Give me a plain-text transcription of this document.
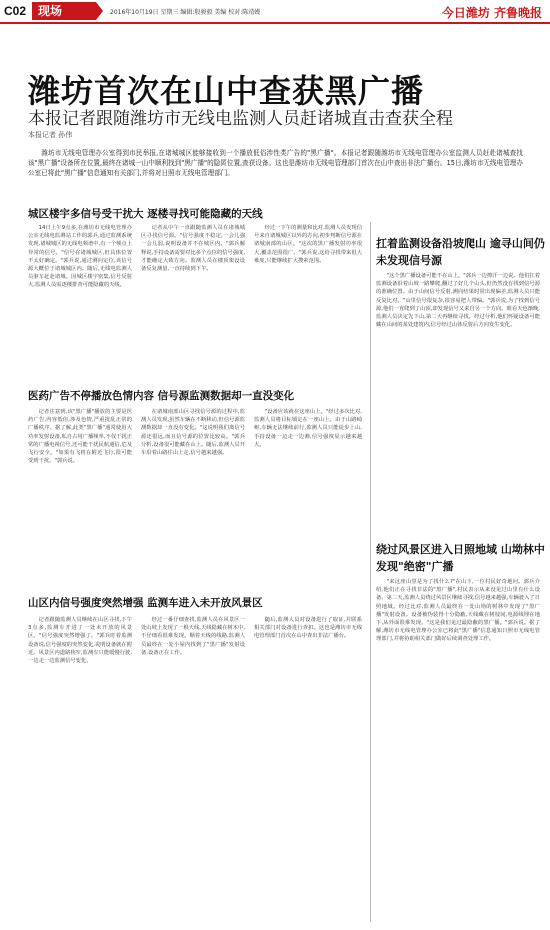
C02 现场	2016年10月19日 星期三 编辑:殷骏毅 美编 校对:陈靖嫚	今日潍坊 齐鲁晚报
潍坊首次在山中查获黑广播
本报记者跟随潍坊市无线电监测人员赶诸城直击查获全程
本报记者 孙伟

潍坊市无线电管理办公室得到市民举报,在诸城城区能够接收到一个播放低俗涉性类广告的"黑广播"。本报记者跟随潍坊市无线电管理办公室监测人员赶赴诸城查找该"黑广播"设备所在位置,最终在诸城一山中顺利找到"黑广播"的隐匿位置,查获设备。这也是潍坊市无线电管理部门首次在山中查出非法广播台。15日,潍坊市无线电管理办公室已将此"黑广播"信息通知有关部门,并将对日照市无线电管理部门。

城区楼宇多信号受干扰大 逐楼寻找可能隐藏的天线

14日上午9点多,在潍坊市无线电管理办公室无线电监测站工作的郭兵,通过监测系统发现,诸城城区的无线电频谱中,有一个频点上异常的信号。"信号在诸城城区,但具体位置不太好确定。"郭兵说,通过测向定位,该信号源大概位于诸城城区内。随后,无线电监测人员驱车赶赴诸城。因城区楼宇密集,信号反射大,监测人员需逐楼排查可能隐藏的天线。

记者从中午一直跟随监测人员在诸城城区寻找信号源。"信号强度不稳定,一会儿强一会儿弱,说明设备并不在城区内。"郭兵解释说,手持设备需要对比多个点位的信号强度,才能确定大致方向。监测人员在楼顶架设设备反复测量,一直持续到下午。

经过一下午的测量和比对,监测人员发现信号来自诸城城区以外的方向,初步判断信号源在诸城南部的山区。"这次的黑广播发射功率很大,覆盖范围很广。"郭兵说,这给寻找带来很大难度,只能继续扩大搜索范围。

医药广告不停播放色情内容 信号源监测数据却一直没变化

记者注意到,该"黑广播"播放的主要是医药广告,内容低俗,涉及色情,严重扰乱正常的广播秩序。据了解,此类"黑广播"通常使用大功率发射设备,私自占用广播频率,不仅干扰正常的广播电视信号,还可能干扰民航通信,危及飞行安全。"如果有飞机在附近飞行,很可能受到干扰。"郭兵说。

在诸城南部山区寻找信号源的过程中,监测人员发现,虽然车辆在不断移动,但信号源监测数据却一直没有变化。"这说明我们离信号源还很远,而且信号源的位置比较高。"郭兵分析,设备很可能藏在山上。随后,监测人员开车沿着山路往山上走,信号越来越强。

"设备应该就在这座山上。"经过多次比对,监测人员将目标锁定在一座山上。由于山路崎岖,车辆无法继续前行,监测人员只能徒步上山,手持设备一边走一边测,信号强度显示越来越大。

山区内信号强度突然增强 监测车进入未开放风景区

记者跟随监测人员继续在山区寻找,下午3点多,监测车开进了一处未开放的风景区。"信号强度突然增强了。"郭兵盯着监测设备说,信号强度的突然变化,说明设备就在附近。风景区内道路狭窄,监测车只能缓慢行驶,一边走一边监测信号变化。

经过一番仔细查找,监测人员在风景区一处山坡上发现了一根天线,天线隐藏在树木中,不仔细看很难发现。顺着天线的线路,监测人员最终在一处小屋内找到了"黑广播"发射设备,设备正在工作。

随后,监测人员对设备进行了取证,并联系相关部门对设备进行查扣。这也是潍坊市无线电管理部门首次在山中查出非法广播台。

扛着监测设备沿坡爬山 逾寻山间仍未发现信号源

"这个黑广播设备可能不在山上。"郭兵一边擦汗一边说。他们扛着监测设备沿着山坡一路攀爬,翻过了好几个山头,但仍然没有找到信号源的准确位置。由于山间信号反射,测向结果时常出现偏差,监测人员只能反复比对。"山里信号很复杂,很容易把人带偏。"郭兵说,为了找到信号源,他们一直爬到了山顶,却发现信号又来自另一个方向。眼看天色渐晚,监测人员决定先下山,第二天再继续寻找。经过分析,他们怀疑设备可能藏在山间的某处建筑内,信号经过山体反射后方向发生变化。

绕过风景区进入日照地域 山坳林中发现"绝密"广播

"来这座山里是为了找什么?"在山下,一位村民好奇地问。郭兵介绍,他们正在寻找非法的"黑广播",村民表示从来没见过山里有什么设备。第二天,监测人员绕过风景区继续寻找,信号越来越强,车辆驶入了日照地域。经过比对,监测人员最终在一处山坳的树林中发现了"黑广播"发射设备。设备被伪装得十分隐蔽,天线藏在树枝间,电源线埋在地下,从外面很难发现。"这是我们见过最隐蔽的黑广播。"郭兵说。据了解,潍坊市无线电管理办公室已将此"黑广播"信息通知日照市无线电管理部门,并将协助相关部门做好后续调查处理工作。
